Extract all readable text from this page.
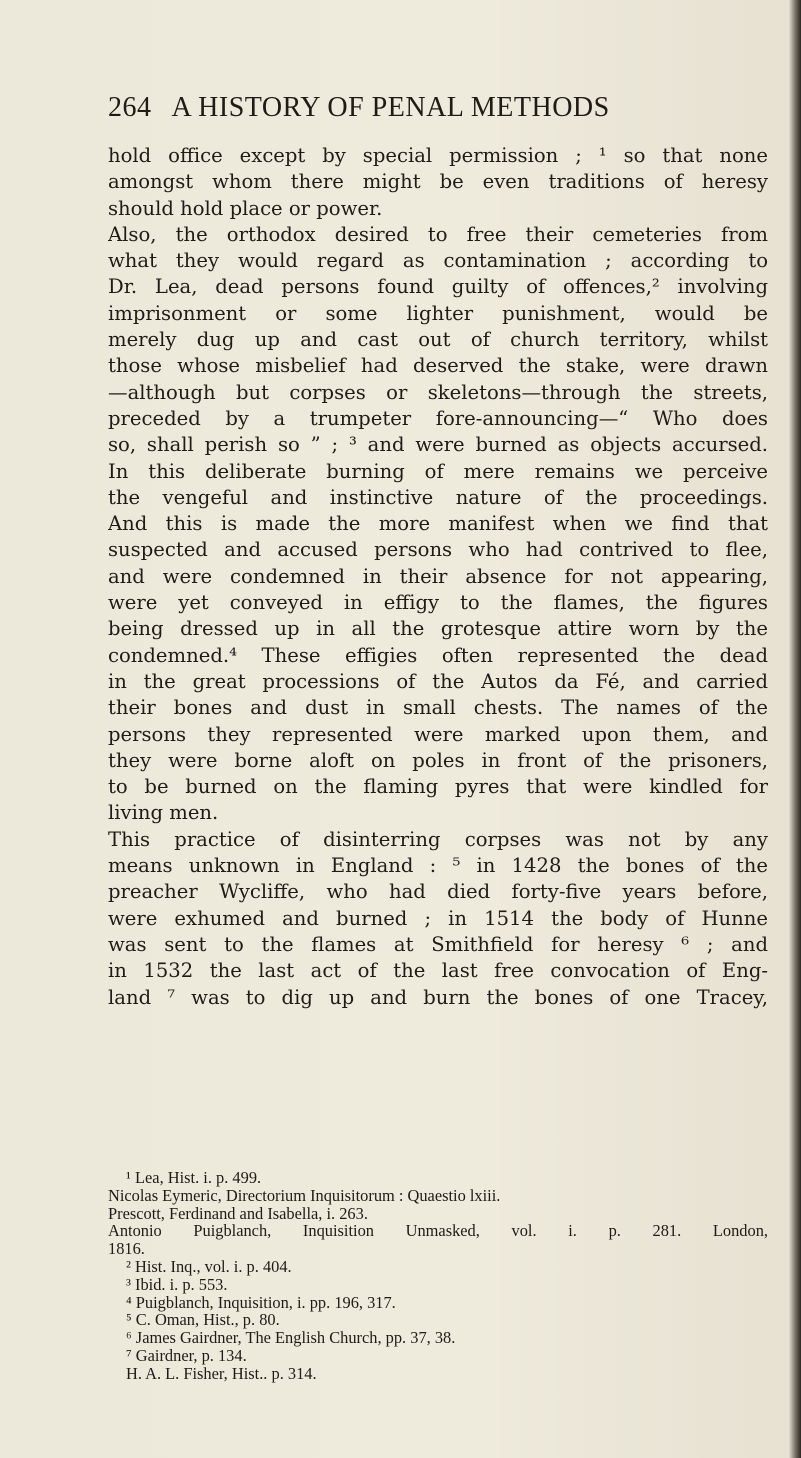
264 A HISTORY OF PENAL METHODS
hold office except by special permission ; ¹ so that none
amongst whom there might be even traditions of heresy
should hold place or power.
Also, the orthodox desired to free their cemeteries from
what they would regard as contamination ; according to
Dr. Lea, dead persons found guilty of offences,² involving
imprisonment or some lighter punishment, would be
merely dug up and cast out of church territory, whilst
those whose misbelief had deserved the stake, were drawn
—although but corpses or skeletons—through the streets,
preceded by a trumpeter fore-announcing—“ Who does
so, shall perish so ” ; ³ and were burned as objects accursed.
In this deliberate burning of mere remains we perceive
the vengeful and instinctive nature of the proceedings.
And this is made the more manifest when we find that
suspected and accused persons who had contrived to flee,
and were condemned in their absence for not appearing,
were yet conveyed in effigy to the flames, the figures
being dressed up in all the grotesque attire worn by the
condemned.⁴ These effigies often represented the dead
in the great processions of the Autos da Fé, and carried
their bones and dust in small chests. The names of the
persons they represented were marked upon them, and
they were borne aloft on poles in front of the prisoners,
to be burned on the flaming pyres that were kindled for
living men.
This practice of disinterring corpses was not by any
means unknown in England : ⁵ in 1428 the bones of the
preacher Wycliffe, who had died forty-five years before,
were exhumed and burned ; in 1514 the body of Hunne
was sent to the flames at Smithfield for heresy ⁶ ; and
in 1532 the last act of the last free convocation of Eng-
land ⁷ was to dig up and burn the bones of one Tracey,
¹ Lea, Hist. i. p. 499.
Nicolas Eymeric, Directorium Inquisitorum : Quaestio lxiii.
Prescott, Ferdinand and Isabella, i. 263.
Antonio Puigblanch, Inquisition Unmasked, vol. i. p. 281. London,
1816.
² Hist. Inq., vol. i. p. 404.
³ Ibid. i. p. 553.
⁴ Puigblanch, Inquisition, i. pp. 196, 317.
⁵ C. Oman, Hist., p. 80.
⁶ James Gairdner, The English Church, pp. 37, 38.
⁷ Gairdner, p. 134.
H. A. L. Fisher, Hist.. p. 314.
